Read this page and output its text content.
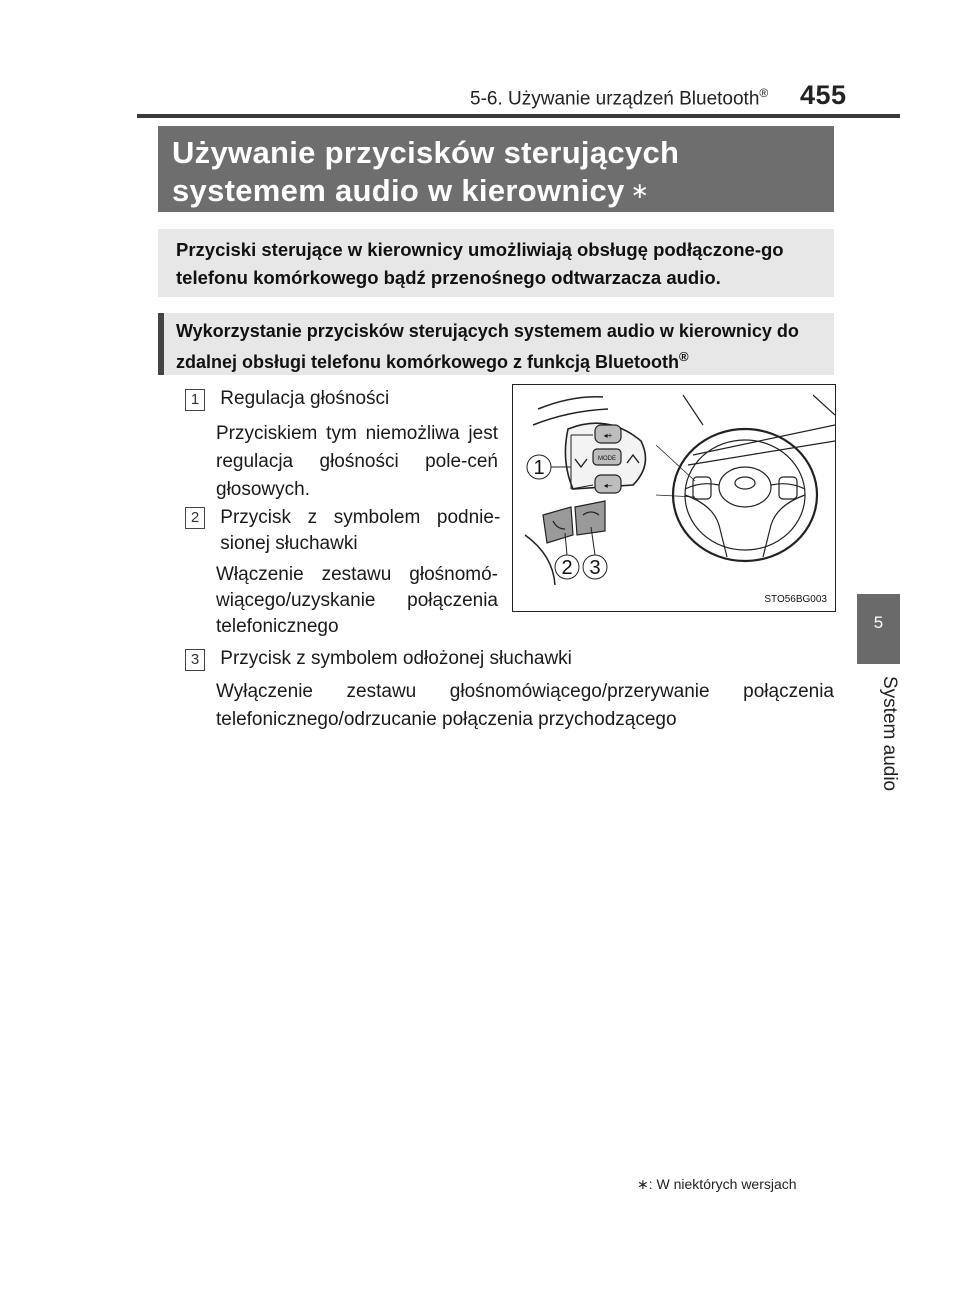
5-6. Używanie urządzeń Bluetooth® 455
5
System audio
Używanie przycisków sterujących systemem audio w kierownicy ∗
Przyciski sterujące w kierownicy umożliwiają obsługę podłączone-go telefonu komórkowego bądź przenośnego odtwarzacza audio.
Wykorzystanie przycisków sterujących systemem audio w kierownicy do zdalnej obsługi telefonu komórkowego z funkcją Bluetooth®
1 Regulacja głośności
Przyciskiem tym niemożliwa jest regulacja głośności pole-ceń głosowych.
2 Przycisk z symbolem podnie-sionej słuchawki
Włączenie zestawu głośnomó-wiącego/uzyskanie połączenia telefonicznego
3 Przycisk z symbolem odłożonej słuchawki
Wyłączenie zestawu głośnomówiącego/przerywanie połączenia telefonicznego/odrzucanie połączenia przychodzącego
◂+
◂–
MODE
1
2 3
STO56BG003
∗: W niektórych wersjach
